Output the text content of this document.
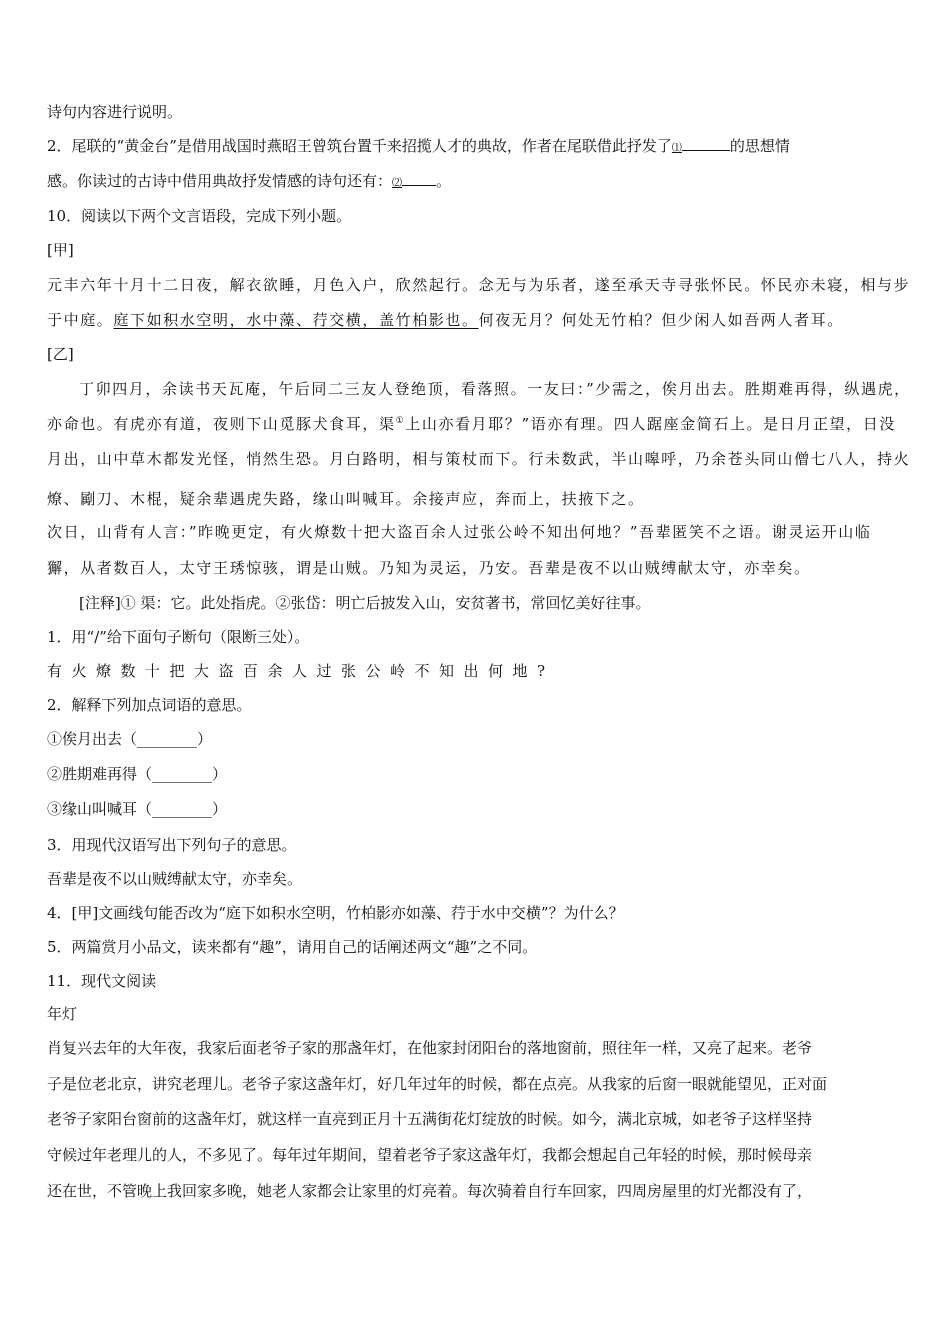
诗句内容进行说明。
2．尾联的“黄金台”是借用战国时燕昭王曾筑台置千来招揽人才的典故，作者在尾联借此抒发了⑴	的思想情
感。你读过的古诗中借用典故抒发情感的诗句还有：⑵ 。
10．阅读以下两个文言语段，完成下列小题。
[甲]
元丰六年十月十二日夜，解衣欲睡，月色入户，欣然起行。念无与为乐者，遂至承天寺寻张怀民。怀民亦未寝，相与步
于中庭。庭下如积水空明，水中藻、荇交横，盖竹柏影也。何夜无月？何处无竹柏？但少闲人如吾两人者耳。
[乙]
丁卯四月，余读书天瓦庵，午后同二三友人登绝顶，看落照。一友曰：”少需之，俟月出去。胜期难再得，纵遇虎，
亦命也。有虎亦有道，夜则下山觅豚犬食耳，渠①上山亦看月耶？”语亦有理。四人踞座金简石上。是日月正望，日没
月出，山中草木都发光怪，悄然生恐。月白路明，相与策杖而下。行未数武，半山嗥呼，乃余苍头同山僧七八人，持火
燎、㔉刀、木棍，疑余辈遇虎失路，缘山叫喊耳。余接声应，奔而上，扶掖下之。
次日，山背有人言：”昨晚更定，有火燎数十把大盗百余人过张公岭不知出何地？”吾辈匿笑不之语。谢灵运开山临
獬，从者数百人，太守王琇惊骇，谓是山贼。乃知为灵运，乃安。吾辈是夜不以山贼缚献太守，亦幸矣。
[注释]① 渠：它。此处指虎。②张岱：明亡后披发入山，安贫著书，常回忆美好往事。
1．用“/”给下面句子断句（限断三处）。
有火燎数十把大盗百余人过张公岭不知出何地?
2．解释下列加点词语的意思。
①俟月出去（________）
②胜期难再得（________）
③缘山叫喊耳（________）
3．用现代汉语写出下列句子的意思。
吾辈是夜不以山贼缚献太守，亦幸矣。
4．[甲]文画线句能否改为“庭下如积水空明，竹柏影亦如藻、荇于水中交横”？为什么？
5．两篇赏月小品文，读来都有“趣”，请用自己的话阐述两文“趣”之不同。
11．现代文阅读
年灯
肖复兴去年的大年夜，我家后面老爷子家的那盏年灯，在他家封闭阳台的落地窗前，照往年一样，又亮了起来。老爷
子是位老北京，讲究老理儿。老爷子家这盏年灯，好几年过年的时候，都在点亮。从我家的后窗一眼就能望见，正对面
老爷子家阳台窗前的这盏年灯，就这样一直亮到正月十五满街花灯绽放的时候。如今，满北京城，如老爷子这样坚持
守候过年老理儿的人，不多见了。每年过年期间，望着老爷子家这盏年灯，我都会想起自己年轻的时候，那时候母亲
还在世，不管晚上我回家多晚，她老人家都会让家里的灯亮着。每次骑着自行车回家，四周房屋里的灯光都没有了，
